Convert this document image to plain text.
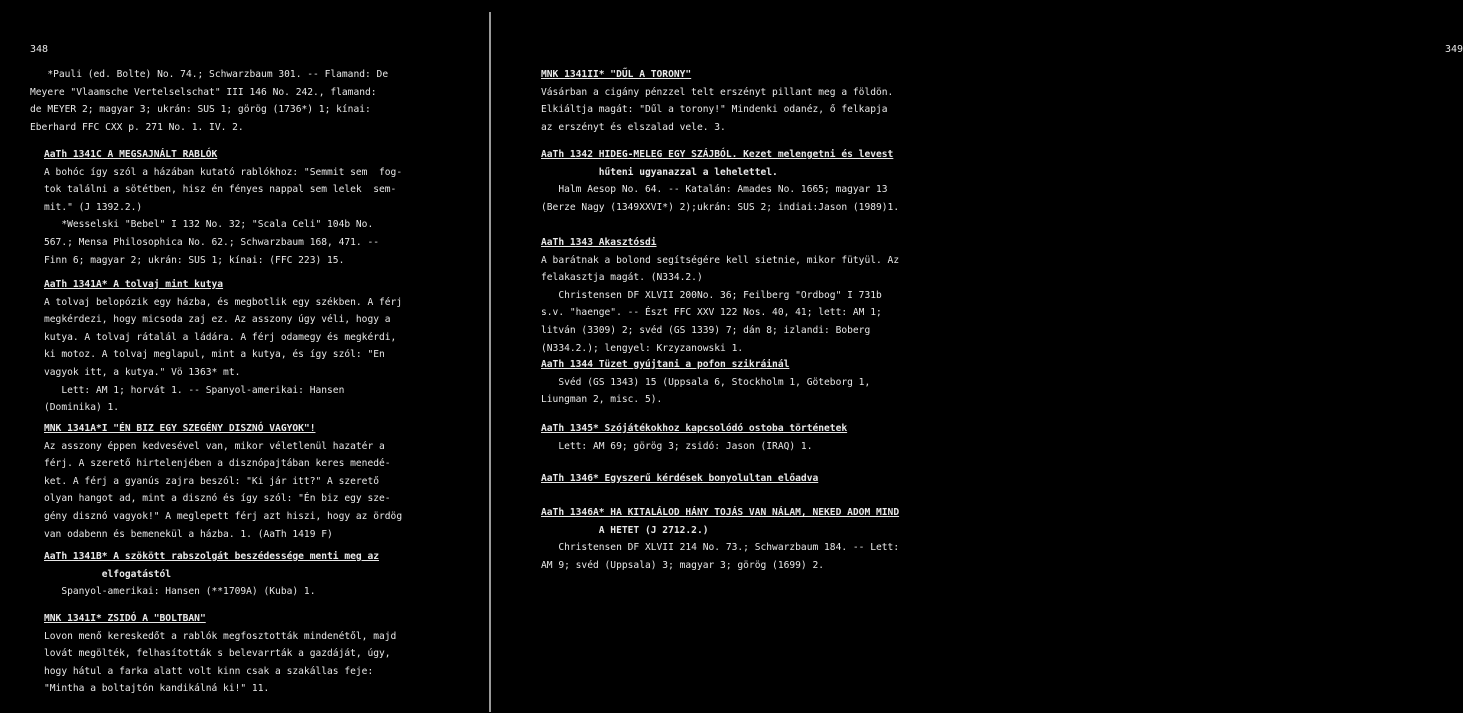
348	349
*Pauli (ed. Bolte) No. 74.; Schwarzbaum 301. -- Flamand: De
Meyere "Vlaamsche Vertelselschat" III 146 No. 242., flamand:
de MEYER 2; magyar 3; ukrán: SUS 1; görög (1736*) 1; kínai:
Eberhard FFC CXX p. 271 No. 1. IV. 2.
AaTh 1341C A MEGSAJNÁLT RABLÓK
A bohóc így szól a házában kutató rablókhoz: "Semmit sem  fog-
tok találni a sötétben, hisz én fényes nappal sem lelek  sem-
mit." (J 1392.2.)
*Wesselski "Bebel" I 132 No. 32; "Scala Celi" 104b No.
567.; Mensa Philosophica No. 62.; Schwarzbaum 168, 471. --
Finn 6; magyar 2; ukrán: SUS 1; kínai: (FFC 223) 15.
AaTh 1341A* A tolvaj mint kutya
A tolvaj belopózik egy házba, és megbotlik egy székben. A férj
megkérdezi, hogy micsoda zaj ez. Az asszony úgy véli, hogy a
kutya. A tolvaj rátalál a ládára. A férj odamegy és megkérdi,
ki motoz. A tolvaj meglapul, mint a kutya, és így szól: "En
vagyok itt, a kutya." Vö 1363* mt.
Lett: AM 1; horvát 1. -- Spanyol-amerikai: Hansen
(Dominika) 1.
MNK 1341A*I "ÉN BIZ EGY SZEGÉNY DISZNÓ VAGYOK"!
Az asszony éppen kedvesével van, mikor véletlenül hazatér a
férj. A szerető hirtelenjében a disznópajtában keres menedé-
ket. A férj a gyanús zajra beszól: "Ki jár itt?" A szerető
olyan hangot ad, mint a disznó és így szól: "Én biz egy sze-
gény disznó vagyok!" A meglepett férj azt hiszi, hogy az ördög
van odabenn és bemenekül a házba. 1. (AaTh 1419 F)
AaTh 1341B* A szökött rabszolgát beszédessége menti meg az
elfogatástól
Spanyol-amerikai: Hansen (**1709A) (Kuba) 1.
MNK 1341I* ZSIDÓ A "BOLTBAN"
Lovon menő kereskedőt a rablók megfosztották mindenétől, majd
lovát megölték, felhasították s belevarrták a gazdáját, úgy,
hogy hátul a farka alatt volt kinn csak a szakállas feje:
"Mintha a boltajtón kandikálná ki!" 11.
MNK 1341II* "DŰL A TORONY"
Vásárban a cigány pénzzel telt erszényt pillant meg a földön.
Elkiáltja magát: "Dűl a torony!" Mindenki odanéz, ő felkapja
az erszényt és elszalad vele. 3.
AaTh 1342 HIDEG-MELEG EGY SZÁJBÓL. Kezet melengetni és levest
hűteni ugyanazzal a lehelettel.
Halm Aesop No. 64. -- Katalán: Amades No. 1665; magyar 13
(Berze Nagy (1349XXVI*) 2);ukrán: SUS 2; indiai:Jason (1989)1.
AaTh 1343 Akasztósdi
A barátnak a bolond segítségére kell sietnie, mikor fütyül. Az
felakasztja magát. (N334.2.)
Christensen DF XLVII 200No. 36; Feilberg "Ordbog" I 731b
s.v. "haenge". -- Észt FFC XXV 122 Nos. 40, 41; lett: AM 1;
litván (3309) 2; svéd (GS 1339) 7; dán 8; izlandi: Boberg
(N334.2.); lengyel: Krzyzanowski 1.
AaTh 1344 Tüzet gyújtani a pofon szikráinál
Svéd (GS 1343) 15 (Uppsala 6, Stockholm 1, Göteborg 1,
Liungman 2, misc. 5).
AaTh 1345* Szójátékokhoz kapcsolódó ostoba történetek
Lett: AM 69; görög 3; zsidó: Jason (IRAQ) 1.
AaTh 1346* Egyszerű kérdések bonyolultan előadva
AaTh 1346A* HA KITALÁLOD HÁNY TOJÁS VAN NÁLAM, NEKED ADOM MIND
A HETET (J 2712.2.)
Christensen DF XLVII 214 No. 73.; Schwarzbaum 184. -- Lett:
AM 9; svéd (Uppsala) 3; magyar 3; görög (1699) 2.
